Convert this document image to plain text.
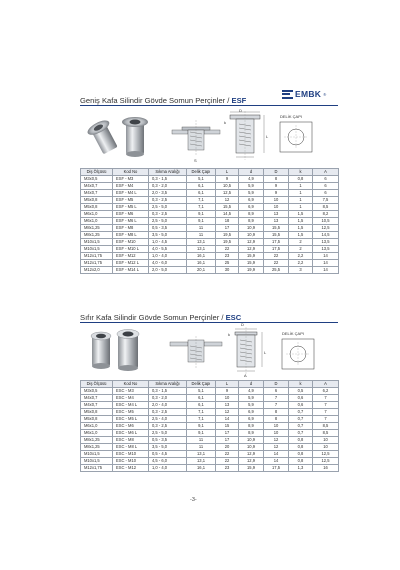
Geniş Kafa Silindir Gövde Somun Perçinler / ESF
EMBK ®
S
D
L
k
DELİK ÇAPI
Diş Ölçüsü	Kod No	Sıkma Aralığı	Delik Çapı	L	d	D	k	A
M3x0,5	ESF - M3	0,3 - 1,5	5,1	9	4,9	8	0,8	6
M4x0,7	ESF - M4	0,3 - 2,0	6,1	10,5	5,9	9	1	6
M4x0,7	ESF - M4 L	2,0 - 3,5	6,1	12,5	5,9	9	1	6
M5x0,8	ESF - M5	0,3 - 2,5	7,1	12	6,9	10	1	7,5
M5x0,8	ESF - M5 L	2,5 - 5,0	7,1	15,5	6,9	10	1	8,5
M6x1,0	ESF - M6	0,3 - 2,5	9,1	14,5	8,9	13	1,5	8,2
M6x1,0	ESF - M6 L	2,5 - 5,0	9,1	18	8,9	13	1,5	10,5
M8x1,25	ESF - M8	0,5 - 3,5	11	17	10,9	15,5	1,5	12,5
M8x1,25	ESF - M8 L	3,5 - 5,0	11	19,5	10,9	15,5	1,5	14,5
M10x1,5	ESF - M10	1,0 - 4,5	13,1	19,5	12,9	17,5	2	13,5
M10x1,5	ESF - M10 L	4,0 - 5,5	13,1	22	12,9	17,5	2	13,5
M12x1,75	ESF - M12	1,0 - 4,0	16,1	23	15,9	22	2,2	14
M12x1,75	ESF - M12 L	4,0 - 6,0	16,1	25	15,9	22	2,2	14
M12x2,0	ESF - M14 L	2,0 - 5,0	20,1	30	19,9	25,5	3	14
Sıfır Kafa Silindir Gövde Somun Perçinler / ESC
D
L
k
A
DELİK ÇAPI
Diş Ölçüsü	Kod No	Sıkma Aralığı	Delik Çapı	L	d	D	k	A
M3x0,5	ESC - M3	0,3 - 1,5	5,1	9	4,9	6	0,5	6,2
M4x0,7	ESC - M4	0,3 - 2,0	6,1	10	5,9	7	0,6	7
M4x0,7	ESC - M4 L	2,0 - 4,0	6,1	13	5,9	7	0,6	7
M5x0,8	ESC - M5	0,3 - 2,5	7,1	12	6,9	8	0,7	7
M5x0,8	ESC - M5 L	2,5 - 4,0	7,1	14	6,9	8	0,7	7
M6x1,0	ESC - M6	0,3 - 2,5	9,1	15	8,9	10	0,7	8,5
M6x1,0	ESC - M6 L	2,5 - 5,0	9,1	17	8,9	10	0,7	8,5
M8x1,25	ESC - M8	0,5 - 3,5	11	17	10,9	12	0,8	10
M8x1,25	ESC - M8 L	3,5 - 5,0	11	20	10,9	12	0,8	10
M10x1,5	ESC - M10	0,5 - 4,5	13,1	22	12,9	14	0,8	12,5
M10x1,5	ESC - M10	4,5 - 6,0	13,1	22	12,9	14	0,8	12,5
M12x1,75	ESC - M12	1,0 - 4,0	16,1	23	15,9	17,5	1,3	16
-3-
